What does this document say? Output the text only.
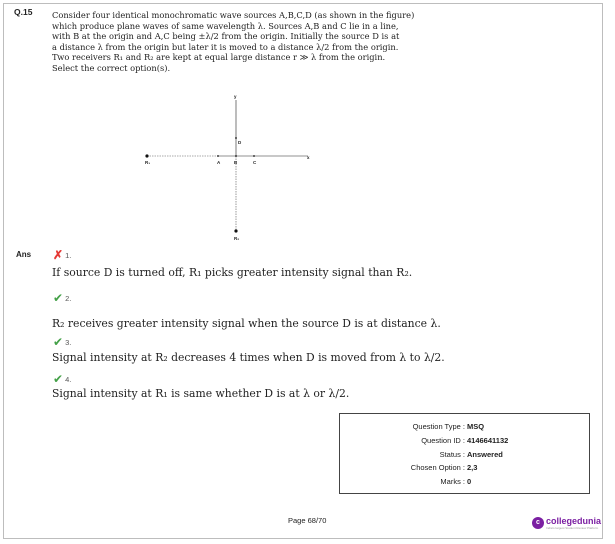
Q.15 Consider four identical monochromatic wave sources A,B,C,D (as shown in the figure)
which produce plane waves of same wavelength λ. Sources A,B and C lie in a line,
with B at the origin and A,C being ±λ/2 from the origin. Initially the source D is at
a distance λ from the origin but later it is moved to a distance λ/2 from the origin.
Two receivers R₁ and R₂ are kept at equal large distance r ≫ λ from the origin.
Select the correct option(s).

y
x
R₁	A	B	C
D
R₂
Ans ✗ 1.
If source D is turned off, R₁ picks greater intensity signal than R₂.
✔ 2.
R₂ receives greater intensity signal when the source D is at distance λ.
✔ 3.
Signal intensity at R₂ decreases 4 times when D is moved from λ to λ/2.
✔ 4.
Signal intensity at R₁ is same whether D is at λ or λ/2.
Question Type : MSQ
Question ID : 4146641132
Status : Answered
Chosen Option : 2,3
Marks : 0
Page 68/70	c collegedunia
India's largest Student Review Platform
